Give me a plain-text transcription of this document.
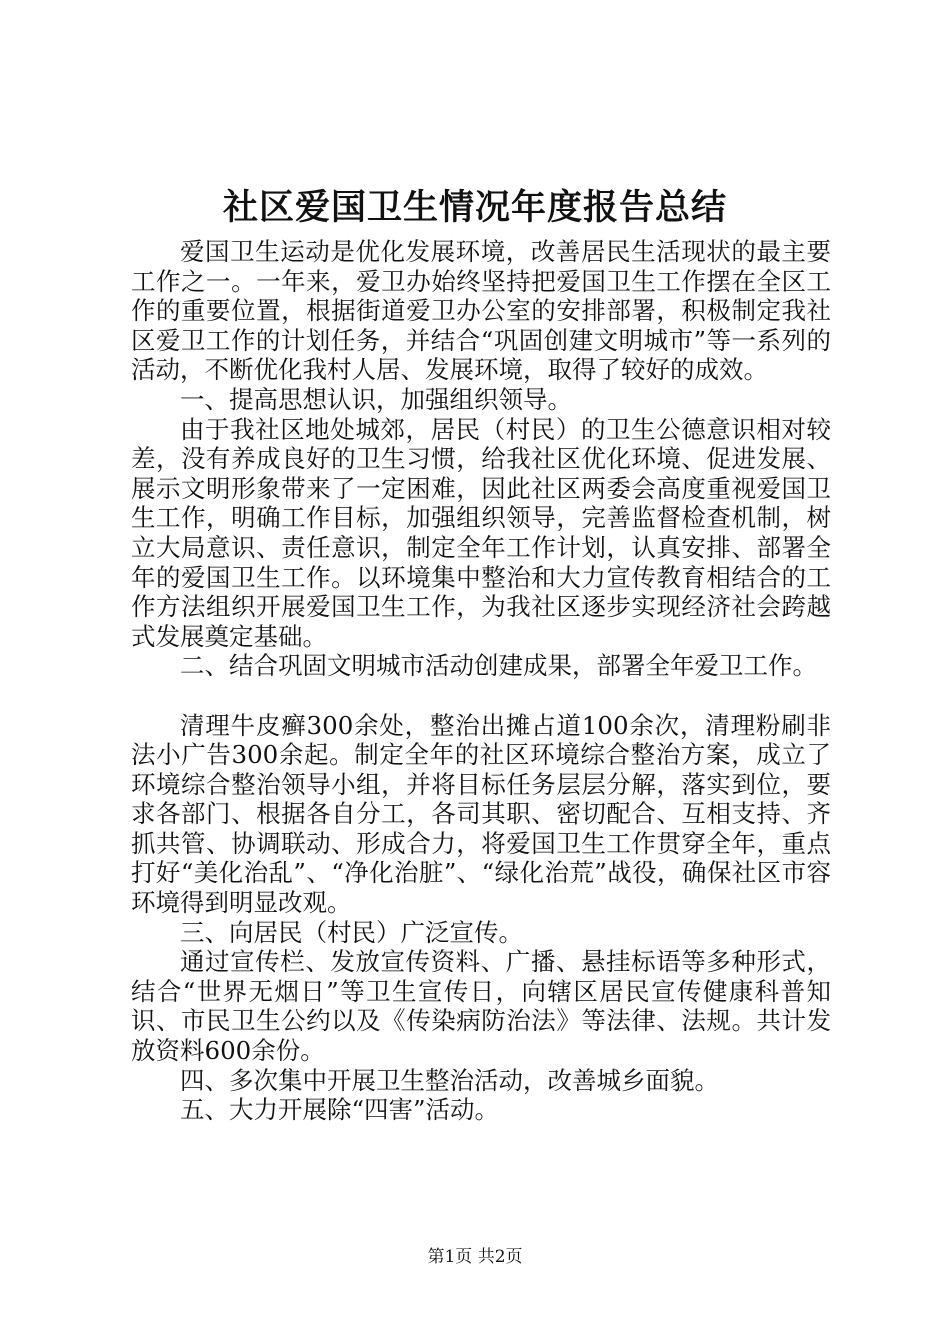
社区爱国卫生情况年度报告总结

爱国卫生运动是优化发展环境，改善居民生活现状的最主要工作之一。一年来，爱卫办始终坚持把爱国卫生工作摆在全区工作的重要位置，根据街道爱卫办公室的安排部署，积极制定我社区爱卫工作的计划任务，并结合“巩固创建文明城市”等一系列的活动，不断优化我村人居、发展环境，取得了较好的成效。

一、提高思想认识，加强组织领导。

由于我社区地处城郊，居民（村民）的卫生公德意识相对较差，没有养成良好的卫生习惯，给我社区优化环境、促进发展、展示文明形象带来了一定困难，因此社区两委会高度重视爱国卫生工作，明确工作目标，加强组织领导，完善监督检查机制，树立大局意识、责任意识，制定全年工作计划，认真安排、部署全年的爱国卫生工作。以环境集中整治和大力宣传教育相结合的工作方法组织开展爱国卫生工作，为我社区逐步实现经济社会跨越式发展奠定基础。

二、结合巩固文明城市活动创建成果，部署全年爱卫工作。

清理牛皮癣300余处，整治出摊占道100余次，清理粉刷非法小广告300余起。制定全年的社区环境综合整治方案，成立了环境综合整治领导小组，并将目标任务层层分解，落实到位，要求各部门、根据各自分工，各司其职、密切配合、互相支持、齐抓共管、协调联动、形成合力，将爱国卫生工作贯穿全年，重点打好“美化治乱”、“净化治脏”、“绿化治荒”战役，确保社区市容环境得到明显改观。

三、向居民（村民）广泛宣传。

通过宣传栏、发放宣传资料、广播、悬挂标语等多种形式，结合“世界无烟日”等卫生宣传日，向辖区居民宣传健康科普知识、市民卫生公约以及《传染病防治法》等法律、法规。共计发放资料600余份。

四、多次集中开展卫生整治活动，改善城乡面貌。

五、大力开展除“四害”活动。

第1页 共2页
